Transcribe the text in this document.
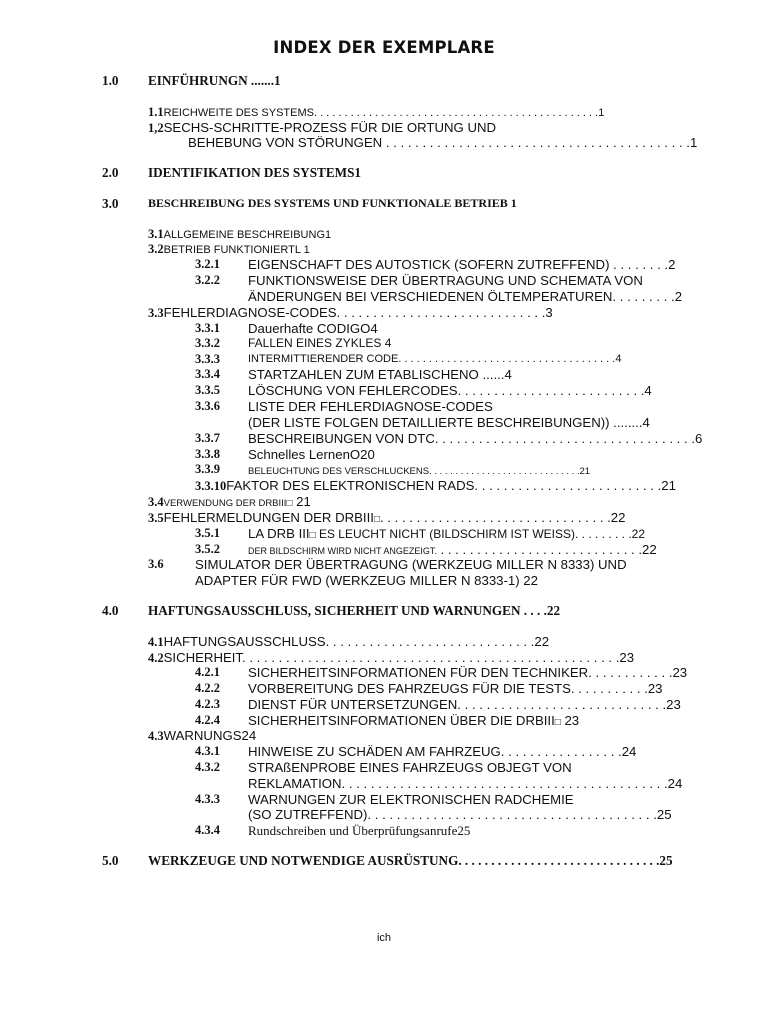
INDEX DER EXEMPLARE
1.0 EINFÜHRUNGN .......1
1.1REICHWEITE DES SYSTEMS. . . . . . . . . . . . . . . . . . . . . . . . . . . . . . . . . . . . . . . . . . . . . . .1
1,2SECHS-SCHRITTE-PROZESS FÜR DIE ORTUNG UND
BEHEBUNG VON STÖRUNGEN . . . . . . . . . . . . . . . . . . . . . . . . . . . . . . . . . . . . . . . . . .1
2.0 IDENTIFIKATION DES SYSTEMS1
3.0 BESCHREIBUNG DES SYSTEMS UND FUNKTIONALE BETRIEB 1
3.1ALLGEMEINE BESCHREIBUNG1
3.2BETRIEB FUNKTIONIERTL 1
3.2.1 EIGENSCHAFT DES AUTOSTICK (SOFERN ZUTREFFEND) . . . . . . . .2
3.2.2 FUNKTIONSWEISE DER ÜBERTRAGUNG UND SCHEMATA VON
ÄNDERUNGEN BEI VERSCHIEDENEN ÖLTEMPERATUREN. . . . . . . . .2
3.3FEHLERDIAGNOSE-CODES. . . . . . . . . . . . . . . . . . . . . . . . . . . . .3
3.3.1 Dauerhafte CODIGO4
3.3.2 FALLEN EINES ZYKLES 4
3.3.3	INTERMITTIERENDER CODE. . . . . . . . . . . . . . . . . . . . . . . . . . . . . . . . . . . .4
3.3.4 STARTZAHLEN ZUM ETABLISCHENO ......4
3.3.5 LÖSCHUNG VON FEHLERCODES. . . . . . . . . . . . . . . . . . . . . . . . . .4
3.3.6 LISTE DER FEHLERDIAGNOSE-CODES
(DER LISTE FOLGEN DETAILLIERTE BESCHREIBUNGEN)) ........4
3.3.7 BESCHREIBUNGEN VON DTC. . . . . . . . . . . . . . . . . . . . . . . . . . . . . . . . . . . .6
3.3.8 Schnelles LernenO20
3.3.9	BELEUCHTUNG DES VERSCHLUCKENS. . . . . . . . . . . . . . . . . . . . . . . . . . . . .21
3.3.10FAKTOR DES ELEKTRONISCHEN RADS. . . . . . . . . . . . . . . . . . . . . . . . . .21
3.4VERWENDUNG DER DRBIII□ 21
3.5FEHLERMELDUNGEN DER DRBIII□. . . . . . . . . . . . . . . . . . . . . . . . . . . . . . . .22
3.5.1 LA DRB III□ ES LEUCHT NICHT (BILDSCHIRM IST WEISS). . . . . . . . .22
3.5.2	DER BILDSCHIRM WIRD NICHT ANGEZEIGT. . . . . . . . . . . . . . . . . . . . . . . . . . . . .22
3.6 SIMULATOR DER ÜBERTRAGUNG (WERKZEUG MILLER N 8333) UND
ADAPTER FÜR FWD (WERKZEUG MILLER N 8333-1) 22
4.0 HAFTUNGSAUSSCHLUSS, SICHERHEIT UND WARNUNGEN . . . .22
4.1HAFTUNGSAUSSCHLUSS. . . . . . . . . . . . . . . . . . . . . . . . . . . . .22
4.2SICHERHEIT. . . . . . . . . . . . . . . . . . . . . . . . . . . . . . . . . . . . . . . . . . . . . . . . . . . .23
4.2.1 SICHERHEITSINFORMATIONEN FÜR DEN TECHNIKER. . . . . . . . . . . .23
4.2.2 VORBEREITUNG DES FAHRZEUGS FÜR DIE TESTS. . . . . . . . . . .23
4.2.3 DIENST FÜR UNTERSETZUNGEN. . . . . . . . . . . . . . . . . . . . . . . . . . . . .23
4.2.4 SICHERHEITSINFORMATIONEN ÜBER DIE DRBIII□ 23
4.3WARNUNGS24
4.3.1 HINWEISE ZU SCHÄDEN AM FAHRZEUG. . . . . . . . . . . . . . . . .24
4.3.2 STRAßENPROBE EINES FAHRZEUGS OBJEGT VON
REKLAMATION. . . . . . . . . . . . . . . . . . . . . . . . . . . . . . . . . . . . . . . . . . . . .24
4.3.3 WARNUNGEN ZUR ELEKTRONISCHEN RADCHEMIE
(SO ZUTREFFEND). . . . . . . . . . . . . . . . . . . . . . . . . . . . . . . . . . . . . . . .25
4.3.4 Rundschreiben und Überprüfungsanrufe25
5.0 WERKZEUGE UND NOTWENDIGE AUSRÜSTUNG. . . . . . . . . . . . . . . . . . . . . . . . . . . . . . .25
ich
